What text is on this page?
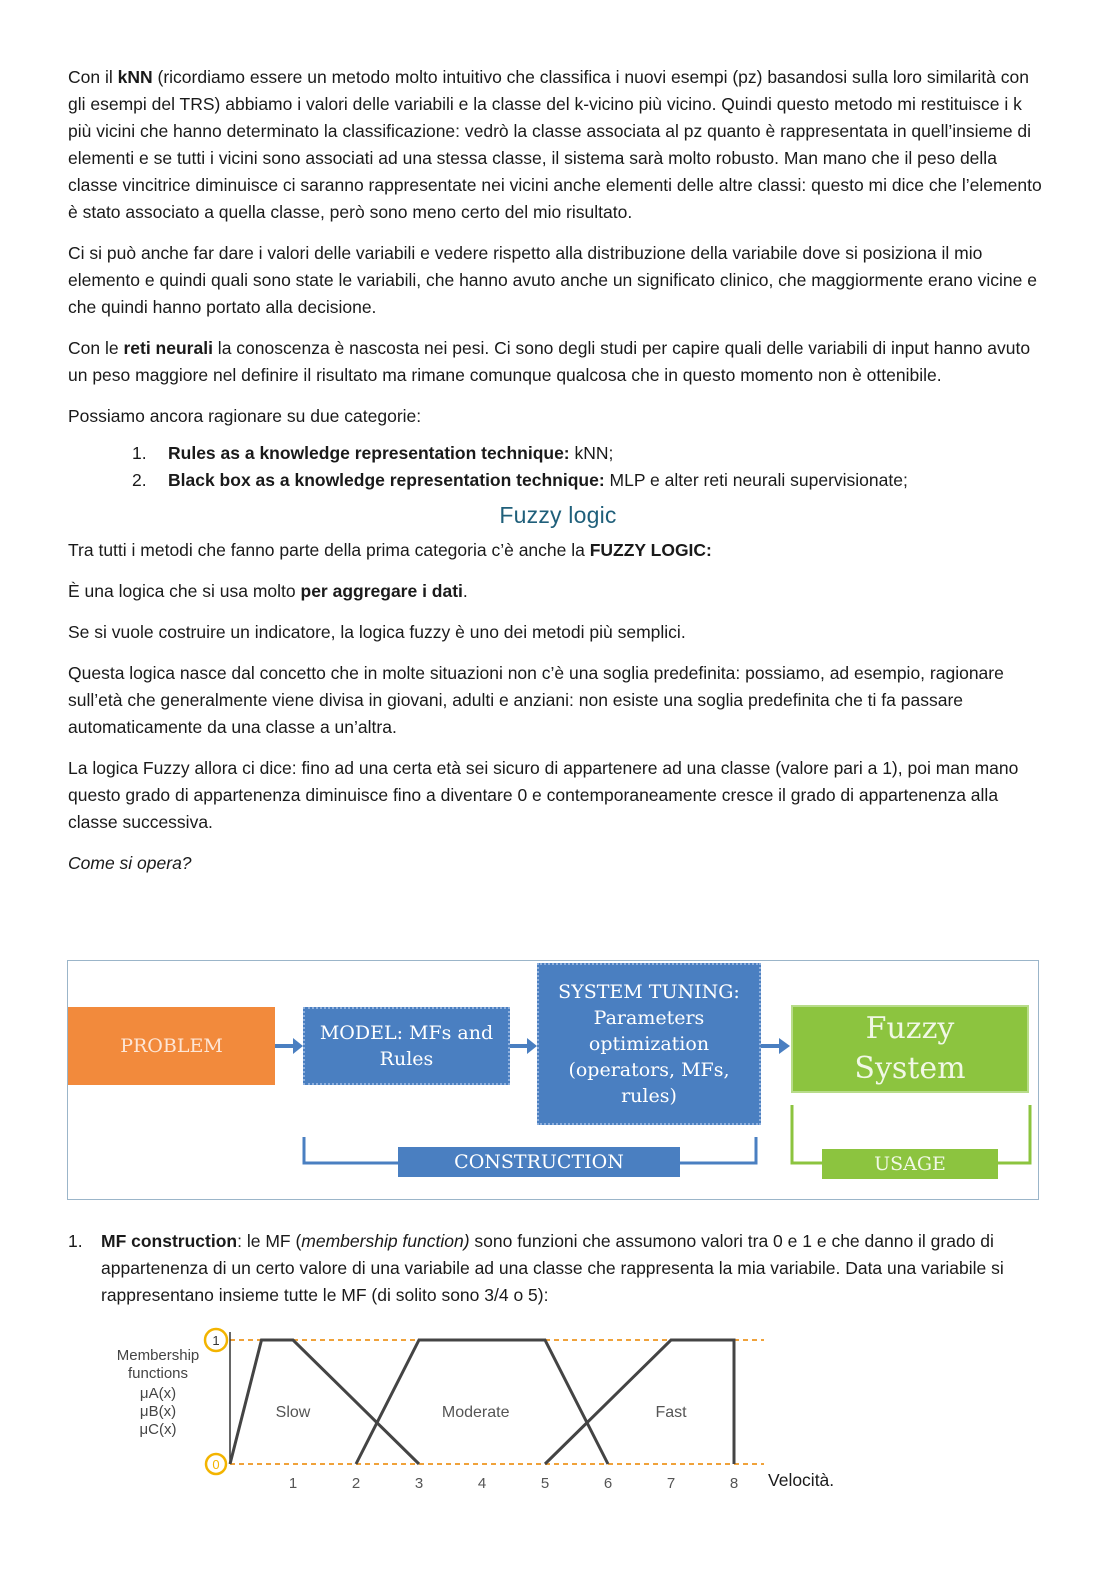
Con il kNN (ricordiamo essere un metodo molto intuitivo che classifica i nuovi esempi (pz) basandosi sulla loro similarità con gli esempi del TRS) abbiamo i valori delle variabili e la classe del k-vicino più vicino. Quindi questo metodo mi restituisce i k più vicini che hanno determinato la classificazione: vedrò la classe associata al pz quanto è rappresentata in quell’insieme di elementi e se tutti i vicini sono associati ad una stessa classe, il sistema sarà molto robusto. Man mano che il peso della classe vincitrice diminuisce ci saranno rappresentate nei vicini anche elementi delle altre classi: questo mi dice che l’elemento è stato associato a quella classe, però sono meno certo del mio risultato.

Ci si può anche far dare i valori delle variabili e vedere rispetto alla distribuzione della variabile dove si posiziona il mio elemento e quindi quali sono state le variabili, che hanno avuto anche un significato clinico, che maggiormente erano vicine e che quindi hanno portato alla decisione.

Con le reti neurali la conoscenza è nascosta nei pesi. Ci sono degli studi per capire quali delle variabili di input hanno avuto un peso maggiore nel definire il risultato ma rimane comunque qualcosa che in questo momento non è ottenibile.

Possiamo ancora ragionare su due categorie:

1. Rules as a knowledge representation technique: kNN;
2. Black box as a knowledge representation technique: MLP e alter reti neurali supervisionate;
Fuzzy logic

Tra tutti i metodi che fanno parte della prima categoria c’è anche la FUZZY LOGIC:

È una logica che si usa molto per aggregare i dati.

Se si vuole costruire un indicatore, la logica fuzzy è uno dei metodi più semplici.

Questa logica nasce dal concetto che in molte situazioni non c’è una soglia predefinita: possiamo, ad esempio, ragionare sull’età che generalmente viene divisa in giovani, adulti e anziani: non esiste una soglia predefinita che ti fa passare automaticamente da una classe a un’altra.

La logica Fuzzy allora ci dice: fino ad una certa età sei sicuro di appartenere ad una classe (valore pari a 1), poi man mano questo grado di appartenenza diminuisce fino a diventare 0 e contemporaneamente cresce il grado di appartenenza alla classe successiva.

Come si opera?

PROBLEM
MODEL: MFs and
Rules
SYSTEM TUNING:
Parameters
optimization
(operators, MFs,
rules)
Fuzzy
System
CONSTRUCTION	USAGE
1.	MF construction: le MF (membership function) sono funzioni che assumono valori tra 0 e 1 e che danno il grado di appartenenza di un certo valore di una variabile ad una classe che rappresenta la mia variabile. Data una variabile si rappresentano insieme tutte le MF (di solito sono 3/4 o 5):
Membership
functions
μA(x)
μB(x)
μC(x)
1
0
1	2	3	4	5	6	7	8
Slow	Moderate	Fast
Velocità.
